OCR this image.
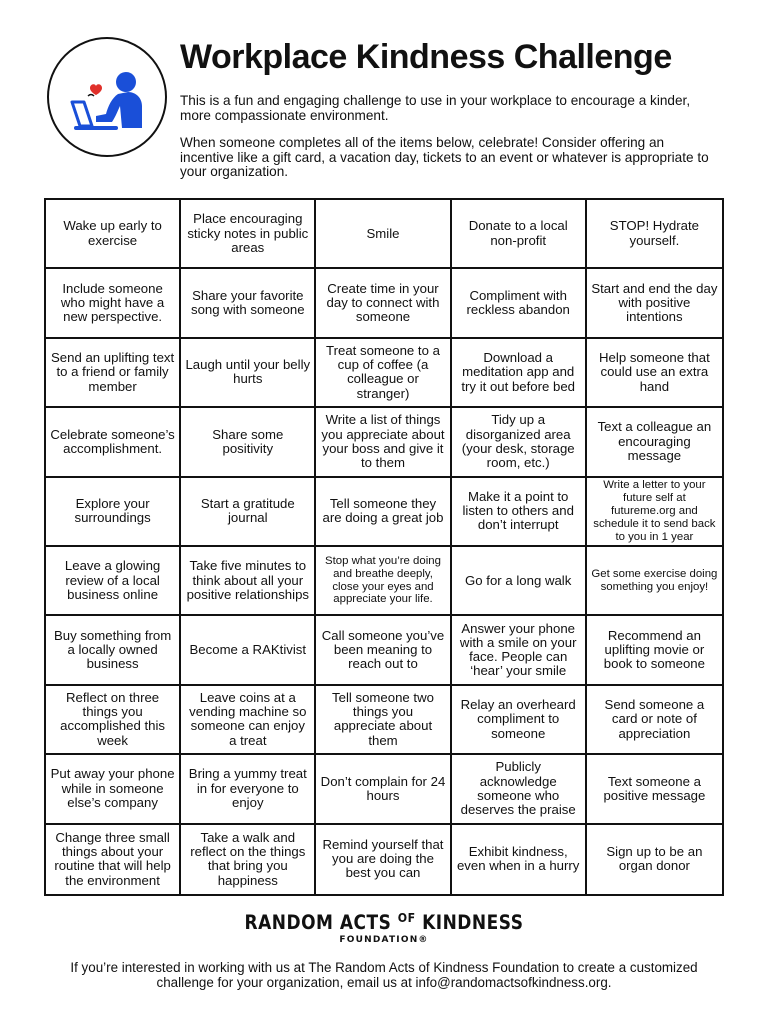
Workplace Kindness Challenge

This is a fun and engaging challenge to use in your workplace to encourage a kinder, more compassionate environment.

When someone completes all of the items below, celebrate! Consider offering an incentive like a gift card, a vacation day, tickets to an event or whatever is appropriate to your organization.

Wake up early to exercise
Place encouraging sticky notes in public areas
Smile	Donate to a local non-profit
STOP! Hydrate yourself.
Include someone who might have a new perspective.
Share your favorite song with someone
Create time in your day to connect with someone
Compliment with reckless abandon
Start and end the day with positive intentions
Send an uplifting text to a friend or family member
Laugh until your belly hurts
Treat someone to a cup of coffee (a colleague or stranger)
Download a meditation app and try it out before bed
Help someone that could use an extra hand
Celebrate someone’s accomplishment.
Share some positivity
Write a list of things you appreciate about your boss and give it to them
Tidy up a disorganized area (your desk, storage room, etc.)
Text a colleague an encouraging message
Explore your surroundings
Start a gratitude journal
Tell someone they are doing a great job
Make it a point to listen to others and don’t interrupt
Write a letter to your future self at futureme.org and schedule it to send back to you in 1 year
Leave a glowing review of a local business online
Take five minutes to think about all your positive relationships
Stop what you’re doing and breathe deeply, close your eyes and appreciate your life.
Go for a long walk	Get some exercise doing something you enjoy!
Buy something from a locally owned business
Become a RAKtivist
Call someone you’ve been meaning to reach out to
Answer your phone with a smile on your face. People can ‘hear’ your smile
Recommend an uplifting movie or book to someone
Reflect on three things you accomplished this week
Leave coins at a vending machine so someone can enjoy a treat
Tell someone two things you appreciate about them
Relay an overheard compliment to someone
Send someone a card or note of appreciation
Put away your phone while in someone else’s company
Bring a yummy treat in for everyone to enjoy
Don’t complain for 24 hours
Publicly acknowledge someone who deserves the praise
Text someone a positive message
Change three small things about your routine that will help the environment
Take a walk and reflect on the things that bring you happiness
Remind yourself that you are doing the best you can
Exhibit kindness, even when in a hurry
Sign up to be an organ donor
RANDOM ACTS $^{OF}$ KINDNESS
FOUNDATION®

If you’re interested in working with us at The Random Acts of Kindness Foundation to create a customized challenge for your organization, email us at info@randomactsofkindness.org.
